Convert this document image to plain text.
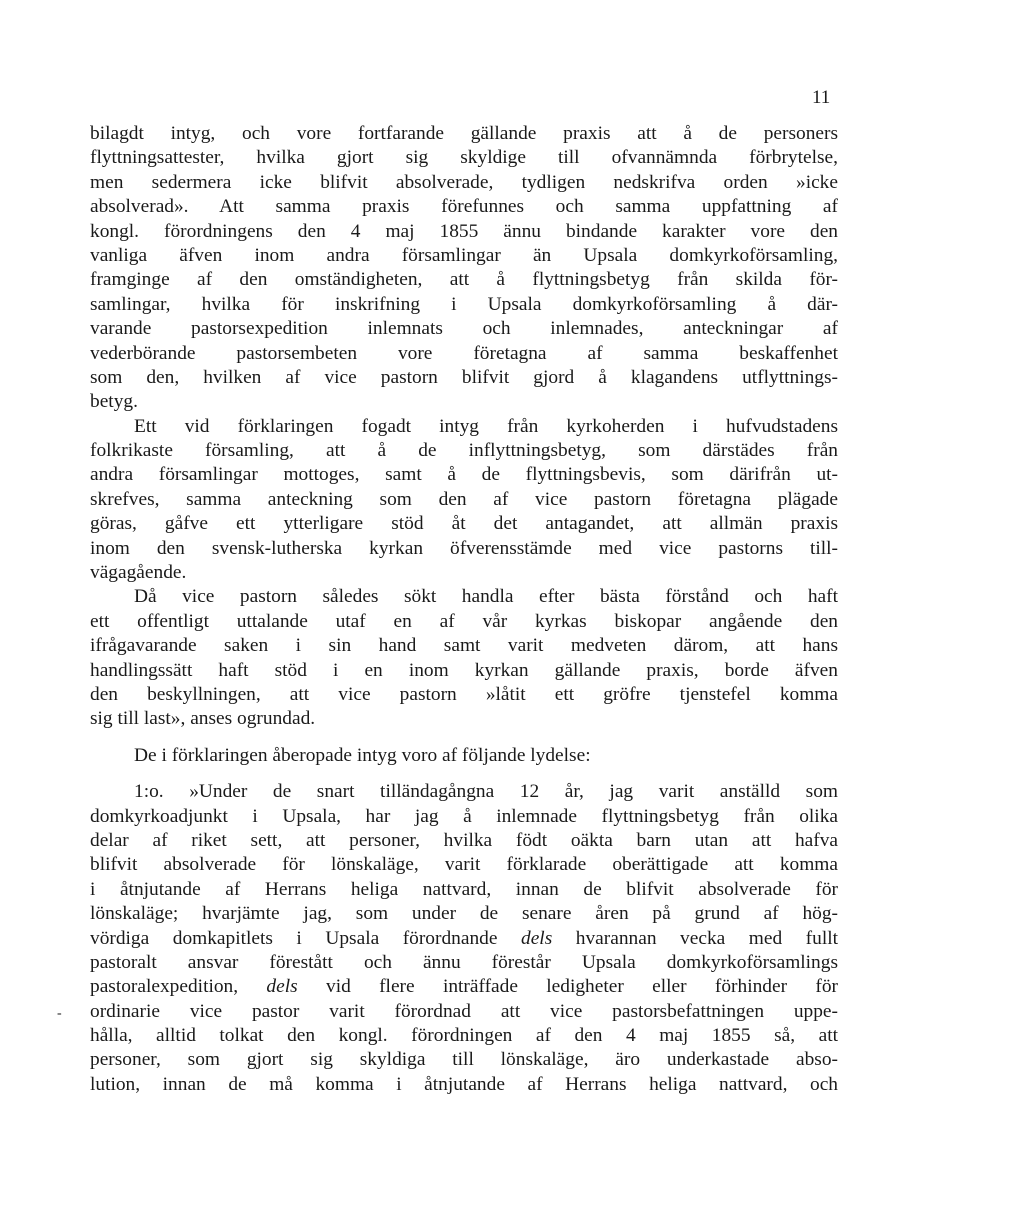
11
-
bilagdt intyg, och vore fortfarande gällande praxis att å de personers
flyttningsattester, hvilka gjort sig skyldige till ofvannämnda förbrytelse,
men sedermera icke blifvit absolverade, tydligen nedskrifva orden »icke
absolverad». Att samma praxis förefunnes och samma uppfattning af
kongl. förordningens den 4 maj 1855 ännu bindande karakter vore den
vanliga äfven inom andra församlingar än Upsala domkyrkoförsamling,
framginge af den omständigheten, att å flyttningsbetyg från skilda för-
samlingar, hvilka för inskrifning i Upsala domkyrkoförsamling å där-
varande pastorsexpedition inlemnats och inlemnades, anteckningar af
vederbörande pastorsembeten vore företagna af samma beskaffenhet
som den, hvilken af vice pastorn blifvit gjord å klagandens utflyttnings-
betyg.
Ett vid förklaringen fogadt intyg från kyrkoherden i hufvudstadens
folkrikaste församling, att å de inflyttningsbetyg, som därstädes från
andra församlingar mottoges, samt å de flyttningsbevis, som därifrån ut-
skrefves, samma anteckning som den af vice pastorn företagna plägade
göras, gåfve ett ytterligare stöd åt det antagandet, att allmän praxis
inom den svensk-lutherska kyrkan öfverensstämde med vice pastorns till-
vägagående.
Då vice pastorn således sökt handla efter bästa förstånd och haft
ett offentligt uttalande utaf en af vår kyrkas biskopar angående den
ifrågavarande saken i sin hand samt varit medveten därom, att hans
handlingssätt haft stöd i en inom kyrkan gällande praxis, borde äfven
den beskyllningen, att vice pastorn »låtit ett gröfre tjenstefel komma
sig till last», anses ogrundad.
De i förklaringen åberopade intyg voro af följande lydelse:
1:o. »Under de snart tilländagångna 12 år, jag varit anställd som
domkyrkoadjunkt i Upsala, har jag å inlemnade flyttningsbetyg från olika
delar af riket sett, att personer, hvilka födt oäkta barn utan att hafva
blifvit absolverade för lönskaläge, varit förklarade oberättigade att komma
i åtnjutande af Herrans heliga nattvard, innan de blifvit absolverade för
lönskaläge; hvarjämte jag, som under de senare åren på grund af hög-
vördiga domkapitlets i Upsala förordnande dels hvarannan vecka med fullt
pastoralt ansvar förestått och ännu förestår Upsala domkyrkoförsamlings
pastoralexpedition, dels vid flere inträffade ledigheter eller förhinder för
ordinarie vice pastor varit förordnad att vice pastorsbefattningen uppe-
hålla, alltid tolkat den kongl. förordningen af den 4 maj 1855 så, att
personer, som gjort sig skyldiga till lönskaläge, äro underkastade abso-
lution, innan de må komma i åtnjutande af Herrans heliga nattvard, och
